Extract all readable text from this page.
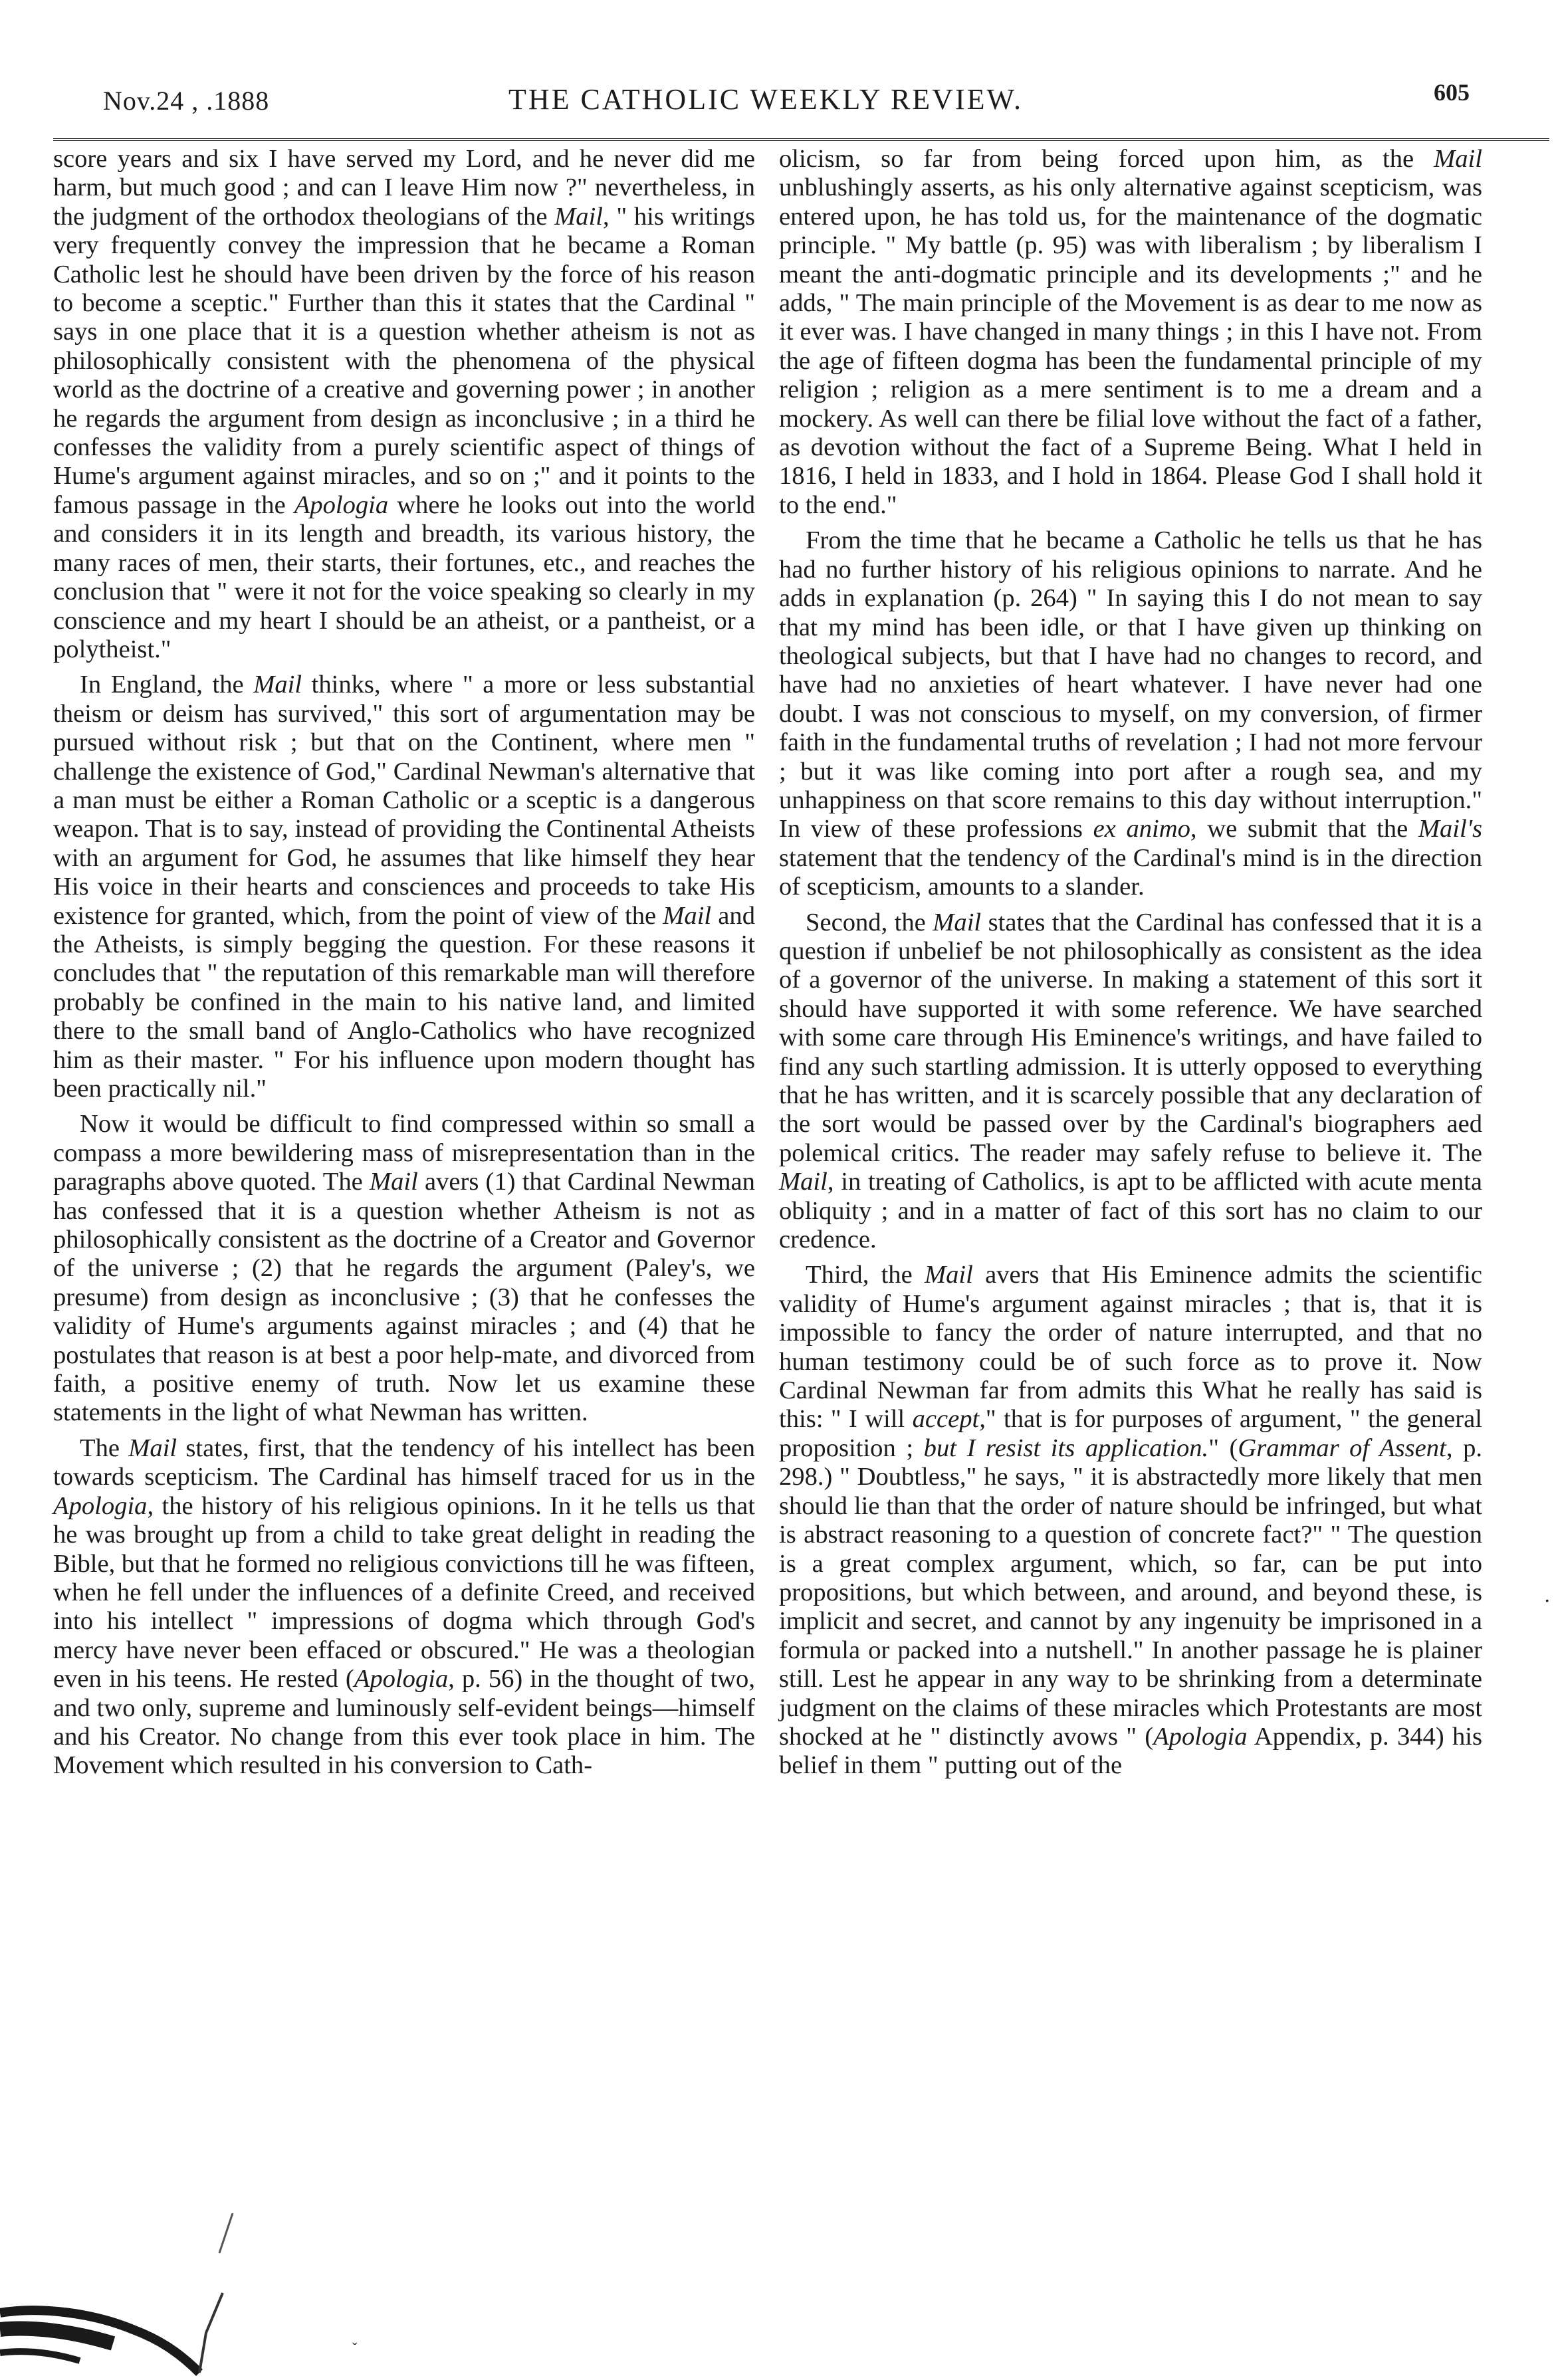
Nov.24 , .1888	THE CATHOLIC WEEKLY REVIEW.	605

score years and six I have served my Lord, and he never did me harm, but much good ; and can I leave Him now ?" nevertheless, in the judgment of the orthodox theologians of the Mail, " his writings very frequently convey the impression that he became a Roman Catholic lest he should have been driven by the force of his reason to become a sceptic." Further than this it states that the Cardinal " says in one place that it is a question whether atheism is not as philosophically consistent with the phenomena of the physical world as the doctrine of a creative and governing power ; in another he regards the argument from design as inconclusive ; in a third he confesses the validity from a purely scientific aspect of things of Hume's argument against miracles, and so on ;" and it points to the famous passage in the Apologia where he looks out into the world and considers it in its length and breadth, its various history, the many races of men, their starts, their fortunes, etc., and reaches the conclusion that " were it not for the voice speaking so clearly in my conscience and my heart I should be an atheist, or a pantheist, or a polytheist."

In England, the Mail thinks, where " a more or less substantial theism or deism has survived," this sort of argumentation may be pursued without risk ; but that on the Continent, where men " challenge the existence of God," Cardinal Newman's alternative that a man must be either a Roman Catholic or a sceptic is a dangerous weapon. That is to say, instead of providing the Continental Atheists with an argument for God, he assumes that like himself they hear His voice in their hearts and consciences and proceeds to take His existence for granted, which, from the point of view of the Mail and the Atheists, is simply begging the question. For these reasons it concludes that " the reputation of this remarkable man will therefore probably be confined in the main to his native land, and limited there to the small band of Anglo-Catholics who have recognized him as their master. " For his influence upon modern thought has been practically nil."

Now it would be difficult to find compressed within so small a compass a more bewildering mass of misrepresentation than in the paragraphs above quoted. The Mail avers (1) that Cardinal Newman has confessed that it is a question whether Atheism is not as philosophically consistent as the doctrine of a Creator and Governor of the universe ; (2) that he regards the argument (Paley's, we presume) from design as inconclusive ; (3) that he confesses the validity of Hume's arguments against miracles ; and (4) that he postulates that reason is at best a poor help-mate, and divorced from faith, a positive enemy of truth. Now let us examine these statements in the light of what Newman has written.

The Mail states, first, that the tendency of his intellect has been towards scepticism. The Cardinal has himself traced for us in the Apologia, the history of his religious opinions. In it he tells us that he was brought up from a child to take great delight in reading the Bible, but that he formed no religious convictions till he was fifteen, when he fell under the influences of a definite Creed, and received into his intellect " impressions of dogma which through God's mercy have never been effaced or obscured." He was a theologian even in his teens. He rested (Apologia, p. 56) in the thought of two, and two only, supreme and luminously self-evident beings—himself and his Creator. No change from this ever took place in him. The Movement which resulted in his conversion to Cath-

olicism, so far from being forced upon him, as the Mail unblushingly asserts, as his only alternative against scepticism, was entered upon, he has told us, for the maintenance of the dogmatic principle. " My battle (p. 95) was with liberalism ; by liberalism I meant the anti-dogmatic principle and its developments ;" and he adds, " The main principle of the Movement is as dear to me now as it ever was. I have changed in many things ; in this I have not. From the age of fifteen dogma has been the fundamental principle of my religion ; religion as a mere sentiment is to me a dream and a mockery. As well can there be filial love without the fact of a father, as devotion without the fact of a Supreme Being. What I held in 1816, I held in 1833, and I hold in 1864. Please God I shall hold it to the end."

From the time that he became a Catholic he tells us that he has had no further history of his religious opinions to narrate. And he adds in explanation (p. 264) " In saying this I do not mean to say that my mind has been idle, or that I have given up thinking on theological subjects, but that I have had no changes to record, and have had no anxieties of heart whatever. I have never had one doubt. I was not conscious to myself, on my conversion, of firmer faith in the fundamental truths of revelation ; I had not more fervour ; but it was like coming into port after a rough sea, and my unhappiness on that score remains to this day without interruption." In view of these professions ex animo, we submit that the Mail's statement that the tendency of the Cardinal's mind is in the direction of scepticism, amounts to a slander.

Second, the Mail states that the Cardinal has confessed that it is a question if unbelief be not philosophically as consistent as the idea of a governor of the universe. In making a statement of this sort it should have supported it with some reference. We have searched with some care through His Eminence's writings, and have failed to find any such startling admission. It is utterly opposed to everything that he has written, and it is scarcely possible that any declaration of the sort would be passed over by the Cardinal's biographers aed polemical critics. The reader may safely refuse to believe it. The Mail, in treating of Catholics, is apt to be afflicted with acute menta obliquity ; and in a matter of fact of this sort has no claim to our credence.

Third, the Mail avers that His Eminence admits the scientific validity of Hume's argument against miracles ; that is, that it is impossible to fancy the order of nature interrupted, and that no human testimony could be of such force as to prove it. Now Cardinal Newman far from admits this What he really has said is this: " I will accept," that is for purposes of argument, " the general proposition ; but I resist its application." (Grammar of Assent, p. 298.) " Doubtless," he says, " it is abstractedly more likely that men should lie than that the order of nature should be infringed, but what is abstract reasoning to a question of concrete fact?" " The question is a great complex argument, which, so far, can be put into propositions, but which between, and around, and beyond these, is implicit and secret, and cannot by any ingenuity be imprisoned in a formula or packed into a nutshell." In another passage he is plainer still. Lest he appear in any way to be shrinking from a determinate judgment on the claims of these miracles which Protestants are most shocked at he " distinctly avows " (Apologia Appendix, p. 344) his belief in them " putting out of the

·
ˇ
